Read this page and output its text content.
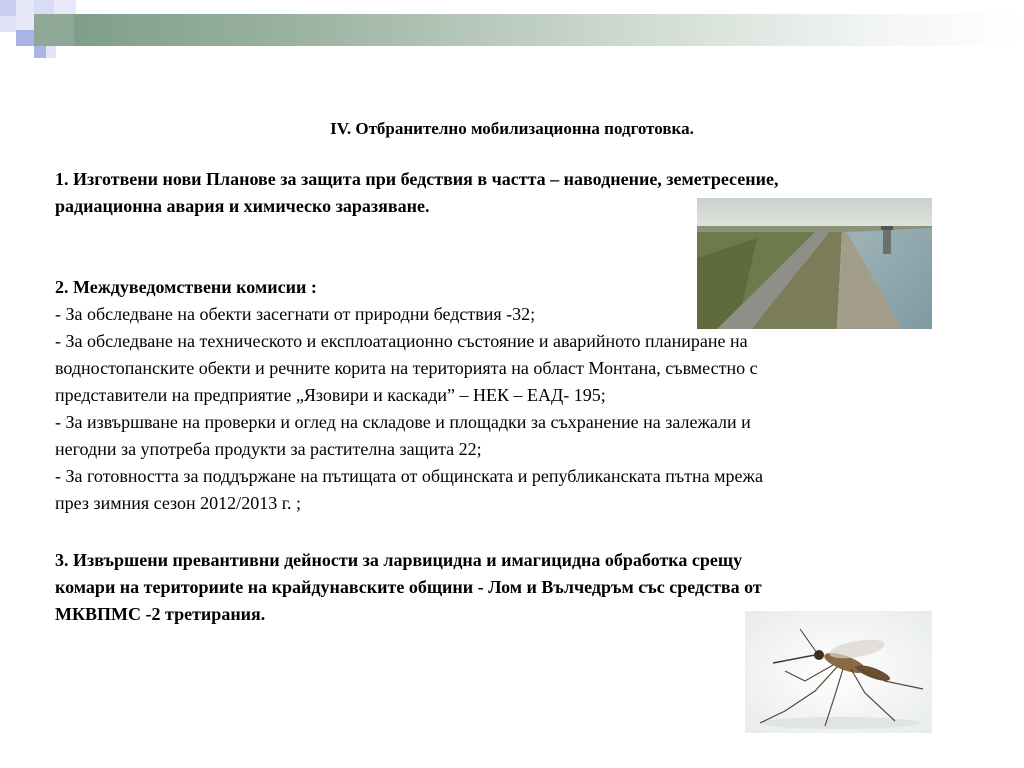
IV. Отбранително мобилизационна подготовка.
1. Изготвени нови Планове за защита при бедствия в частта – наводнение, земетресение,
радиационна авария и химическо заразяване.
2. Междуведомствени комисии :
- За обследване на обекти засегнати от природни бедствия -32;
- За обследване на техническото и експлоатационно състояние и аварийното планиране на
водностопанските обекти и речните корита на територията на област Монтана, съвместно с
представители на предприятие „Язовири и каскади” – НЕК – ЕАД- 195;
- За извършване на проверки и оглед на складове и площадки за съхранение на залежали и
негодни за употреба продукти за растителна защита 22;
- За готовността за поддържане на пътищата от общинската и републиканската пътна мрежа
през зимния сезон 2012/2013 г. ;
3. Извършени превантивни дейности за ларвицидна и имагицидна обработка срещу
комари на територииte на крайдунавските общини - Лом и Вълчедръм със средства от
МКВПМС -2 третирания.
